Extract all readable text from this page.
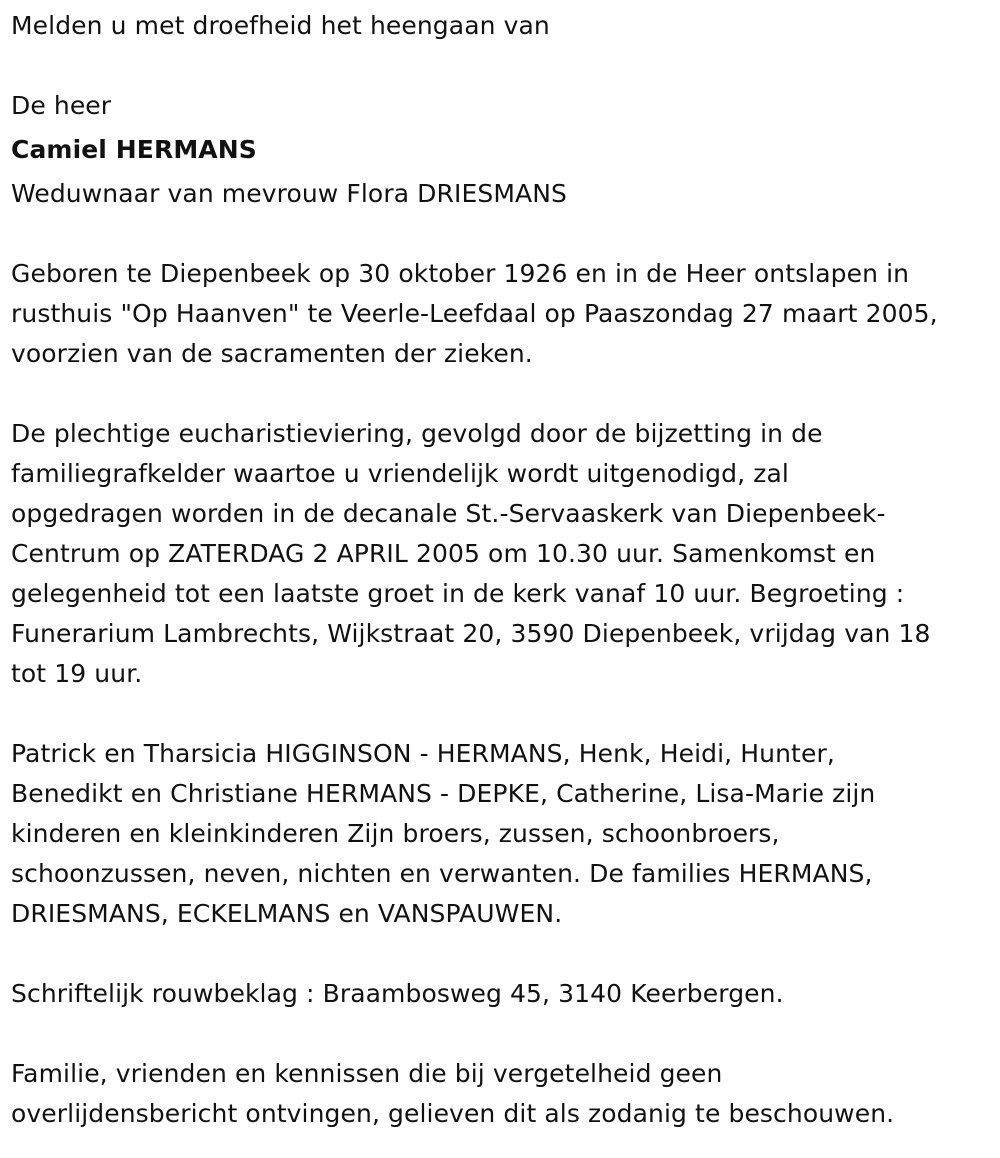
Melden u met droefheid het heengaan van
De heer
Camiel HERMANS
Weduwnaar van mevrouw Flora DRIESMANS
Geboren te Diepenbeek op 30 oktober 1926 en in de Heer ontslapen in
rusthuis "Op Haanven" te Veerle-Leefdaal op Paaszondag 27 maart 2005,
voorzien van de sacramenten der zieken.
De plechtige eucharistieviering, gevolgd door de bijzetting in de
familiegrafkelder waartoe u vriendelijk wordt uitgenodigd, zal
opgedragen worden in de decanale St.-Servaaskerk van Diepenbeek-
Centrum op ZATERDAG 2 APRIL 2005 om 10.30 uur. Samenkomst en
gelegenheid tot een laatste groet in de kerk vanaf 10 uur. Begroeting :
Funerarium Lambrechts, Wijkstraat 20, 3590 Diepenbeek, vrijdag van 18
tot 19 uur.
Patrick en Tharsicia HIGGINSON - HERMANS, Henk, Heidi, Hunter,
Benedikt en Christiane HERMANS - DEPKE, Catherine, Lisa-Marie zijn
kinderen en kleinkinderen Zijn broers, zussen, schoonbroers,
schoonzussen, neven, nichten en verwanten. De families HERMANS,
DRIESMANS, ECKELMANS en VANSPAUWEN.
Schriftelijk rouwbeklag : Braambosweg 45, 3140 Keerbergen.
Familie, vrienden en kennissen die bij vergetelheid geen
overlijdensbericht ontvingen, gelieven dit als zodanig te beschouwen.
